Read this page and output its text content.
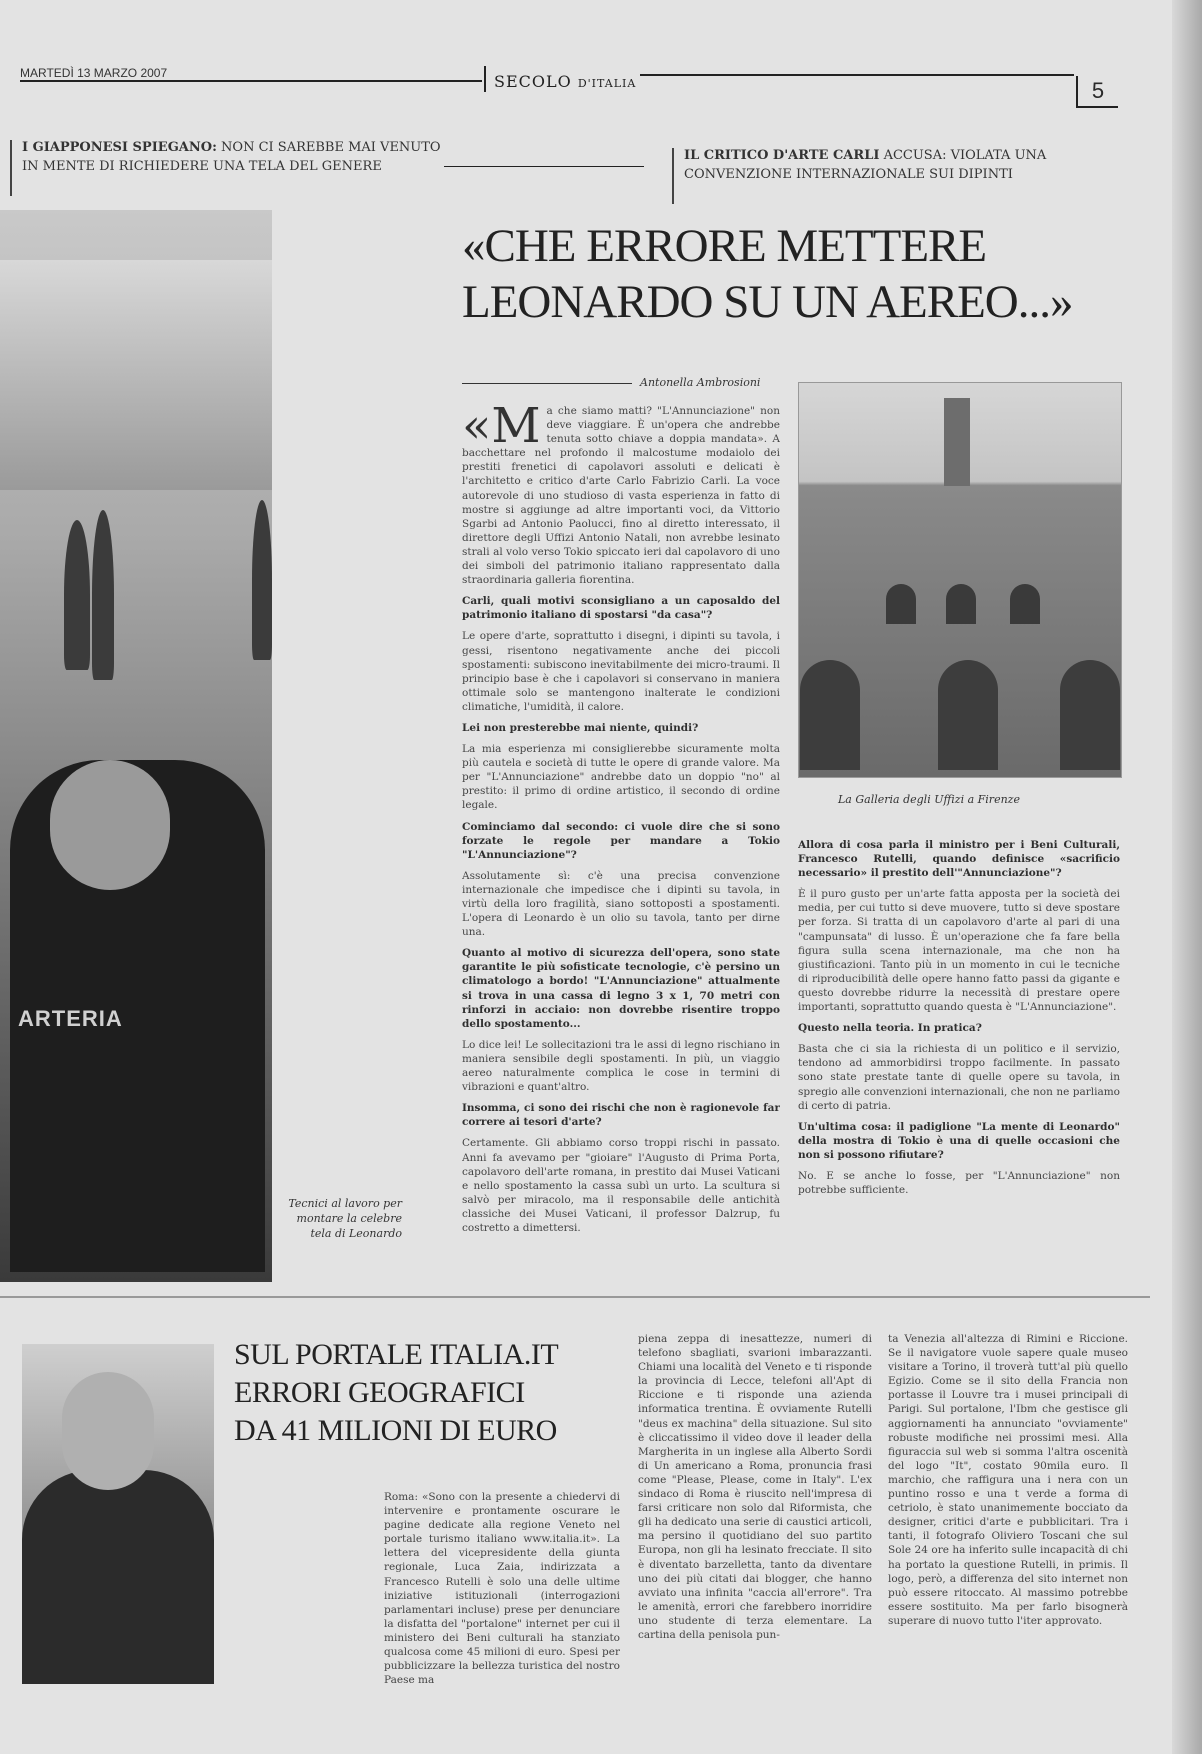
MARTEDÌ 13 MARZO 2007	SECOLO D'ITALIA	5
I GIAPPONESI SPIEGANO: NON CI SAREBBE MAI VENUTO IN MENTE DI RICHIEDERE UNA TELA DEL GENERE
IL CRITICO D'ARTE CARLI ACCUSA: VIOLATA UNA CONVENZIONE INTERNAZIONALE SUI DIPINTI
ARTERIA
Tecnici al lavoro per montare la celebre tela di Leonardo
«CHE ERRORE METTERE
LEONARDO SU UN AEREO...»
Antonella Ambrosioni

«Ma che siamo matti? "L'Annunciazione" non deve viaggiare. È un'opera che andrebbe tenuta sotto chiave a doppia mandata». A bacchettare nel profondo il malcostume modaiolo dei prestiti frenetici di capolavori assoluti e delicati è l'architetto e critico d'arte Carlo Fabrizio Carli. La voce autorevole di uno studioso di vasta esperienza in fatto di mostre si aggiunge ad altre importanti voci, da Vittorio Sgarbi ad Antonio Paolucci, fino al diretto interessato, il direttore degli Uffizi Antonio Natali, non avrebbe lesinato strali al volo verso Tokio spiccato ieri dal capolavoro di uno dei simboli del patrimonio italiano rappresentato dalla straordinaria galleria fiorentina.

Carli, quali motivi sconsigliano a un caposaldo del patrimonio italiano di spostarsi "da casa"?

Le opere d'arte, soprattutto i disegni, i dipinti su tavola, i gessi, risentono negativamente anche dei piccoli spostamenti: subiscono inevitabilmente dei micro-traumi. Il principio base è che i capolavori si conservano in maniera ottimale solo se mantengono inalterate le condizioni climatiche, l'umidità, il calore.

Lei non presterebbe mai niente, quindi?

La mia esperienza mi consiglierebbe sicuramente molta più cautela e società di tutte le opere di grande valore. Ma per "L'Annunciazione" andrebbe dato un doppio "no" al prestito: il primo di ordine artistico, il secondo di ordine legale.

Cominciamo dal secondo: ci vuole dire che si sono forzate le regole per mandare a Tokio "L'Annunciazione"?

Assolutamente sì: c'è una precisa convenzione internazionale che impedisce che i dipinti su tavola, in virtù della loro fragilità, siano sottoposti a spostamenti. L'opera di Leonardo è un olio su tavola, tanto per dirne una.

Quanto al motivo di sicurezza dell'opera, sono state garantite le più sofisticate tecnologie, c'è persino un climatologo a bordo! "L'Annunciazione" attualmente si trova in una cassa di legno 3 x 1, 70 metri con rinforzi in acciaio: non dovrebbe risentire troppo dello spostamento...

Lo dice lei! Le sollecitazioni tra le assi di legno rischiano in maniera sensibile degli spostamenti. In più, un viaggio aereo naturalmente complica le cose in termini di vibrazioni e quant'altro.

Insomma, ci sono dei rischi che non è ragionevole far correre ai tesori d'arte?

Certamente. Gli abbiamo corso troppi rischi in passato. Anni fa avevamo per "gioiare" l'Augusto di Prima Porta, capolavoro dell'arte romana, in prestito dai Musei Vaticani e nello spostamento la cassa subì un urto. La scultura si salvò per miracolo, ma il responsabile delle antichità classiche dei Musei Vaticani, il professor Dalzrup, fu costretto a dimettersi.

La Galleria degli Uffizi a Firenze

Allora di cosa parla il ministro per i Beni Culturali, Francesco Rutelli, quando definisce «sacrificio necessario» il prestito dell'"Annunciazione"?

È il puro gusto per un'arte fatta apposta per la società dei media, per cui tutto si deve muovere, tutto si deve spostare per forza. Si tratta di un capolavoro d'arte al pari di una "campunsata" di lusso. È un'operazione che fa fare bella figura sulla scena internazionale, ma che non ha giustificazioni. Tanto più in un momento in cui le tecniche di riproducibilità delle opere hanno fatto passi da gigante e questo dovrebbe ridurre la necessità di prestare opere importanti, soprattutto quando questa è "L'Annunciazione".

Questo nella teoria. In pratica?

Basta che ci sia la richiesta di un politico e il servizio, tendono ad ammorbidirsi troppo facilmente. In passato sono state prestate tante di quelle opere su tavola, in spregio alle convenzioni internazionali, che non ne parliamo di certo di patria.

Un'ultima cosa: il padiglione "La mente di Leonardo" della mostra di Tokio è una di quelle occasioni che non si possono rifiutare?

No. E se anche lo fosse, per "L'Annunciazione" non potrebbe sufficiente.

SUL PORTALE ITALIA.IT
ERRORI GEOGRAFICI
DA 41 MILIONI DI EURO

Roma: «Sono con la presente a chiedervi di intervenire e prontamente oscurare le pagine dedicate alla regione Veneto nel portale turismo italiano www.italia.it». La lettera del vicepresidente della giunta regionale, Luca Zaia, indirizzata a Francesco Rutelli è solo una delle ultime iniziative istituzionali (interrogazioni parlamentari incluse) prese per denunciare la disfatta del "portalone" internet per cui il ministero dei Beni culturali ha stanziato qualcosa come 45 milioni di euro. Spesi per pubblicizzare la bellezza turistica del nostro Paese ma

piena zeppa di inesattezze, numeri di telefono sbagliati, svarioni imbarazzanti. Chiami una località del Veneto e ti risponde la provincia di Lecce, telefoni all'Apt di Riccione e ti risponde una azienda informatica trentina. È ovviamente Rutelli "deus ex machina" della situazione. Sul sito è cliccatissimo il video dove il leader della Margherita in un inglese alla Alberto Sordi di Un americano a Roma, pronuncia frasi come "Please, Please, come in Italy". L'ex sindaco di Roma è riuscito nell'impresa di farsi criticare non solo dal Riformista, che gli ha dedicato una serie di caustici articoli, ma persino il quotidiano del suo partito Europa, non gli ha lesinato frecciate. Il sito è diventato barzelletta, tanto da diventare uno dei più citati dai blogger, che hanno avviato una infinita "caccia all'errore". Tra le amenità, errori che farebbero inorridire uno studente di terza elementare. La cartina della penisola pun-

ta Venezia all'altezza di Rimini e Riccione. Se il navigatore vuole sapere quale museo visitare a Torino, il troverà tutt'al più quello Egizio. Come se il sito della Francia non portasse il Louvre tra i musei principali di Parigi. Sul portalone, l'Ibm che gestisce gli aggiornamenti ha annunciato "ovviamente" robuste modifiche nei prossimi mesi. Alla figuraccia sul web si somma l'altra oscenità del logo "It", costato 90mila euro. Il marchio, che raffigura una i nera con un puntino rosso e una t verde a forma di cetriolo, è stato unanimemente bocciato da designer, critici d'arte e pubblicitari. Tra i tanti, il fotografo Oliviero Toscani che sul Sole 24 ore ha inferito sulle incapacità di chi ha portato la questione Rutelli, in primis. Il logo, però, a differenza del sito internet non può essere ritoccato. Al massimo potrebbe essere sostituito. Ma per farlo bisognerà superare di nuovo tutto l'iter approvato.
